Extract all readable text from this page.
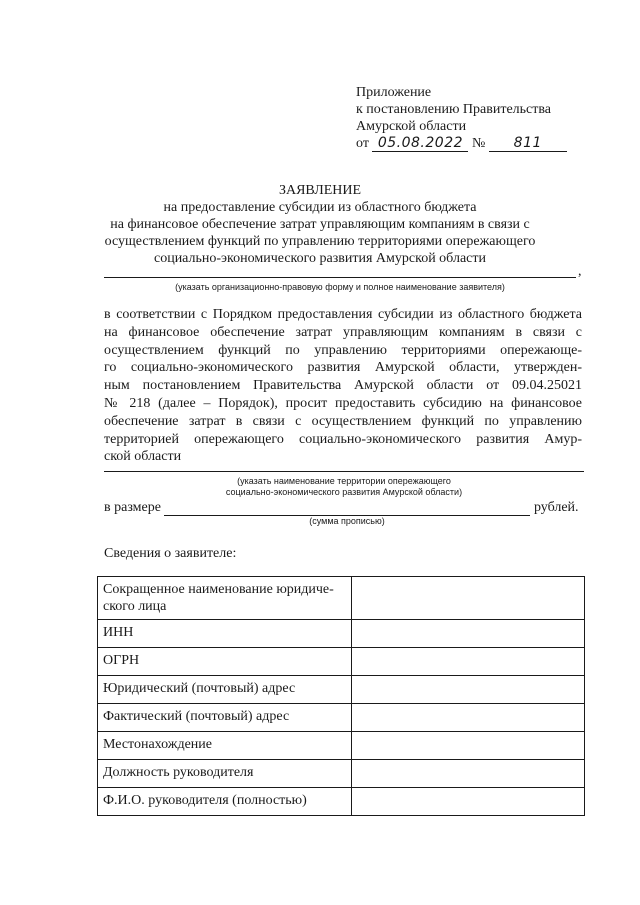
Приложение
к постановлению Правительства
Амурской области
от 05.08.2022 № 811
ЗАЯВЛЕНИЕ
на предоставление субсидии из областного бюджета
на финансовое обеспечение затрат управляющим компаниям в связи с
осуществлением функций по управлению территориями опережающего
социально-экономического развития Амурской области
,
(указать организационно-правовую форму и полное наименование заявителя)
в соответствии с Порядком предоставления субсидии из областного бюджета
на финансовое обеспечение затрат управляющим компаниям в связи с
осуществлением функций по управлению территориями опережающе-
го социально-экономического развития Амурской области, утвержден-
ным постановлением Правительства Амурской области от 09.04.25021
№ 218 (далее – Порядок), просит предоставить субсидию на финансовое
обеспечение затрат в связи с осуществлением функций по управлению
территорией опережающего социально-экономического развития Амур-
ской области
(указать наименование территории опережающего
социально-экономического развития Амурской области)
в размере	рублей.
(сумма прописью)
Сведения о заявителе:
Сокращенное наименование юридиче-
ского лица	
ИНН	
ОГРН	
Юридический (почтовый) адрес	
Фактический (почтовый) адрес	
Местонахождение	
Должность руководителя	
Ф.И.О. руководителя (полностью)	
